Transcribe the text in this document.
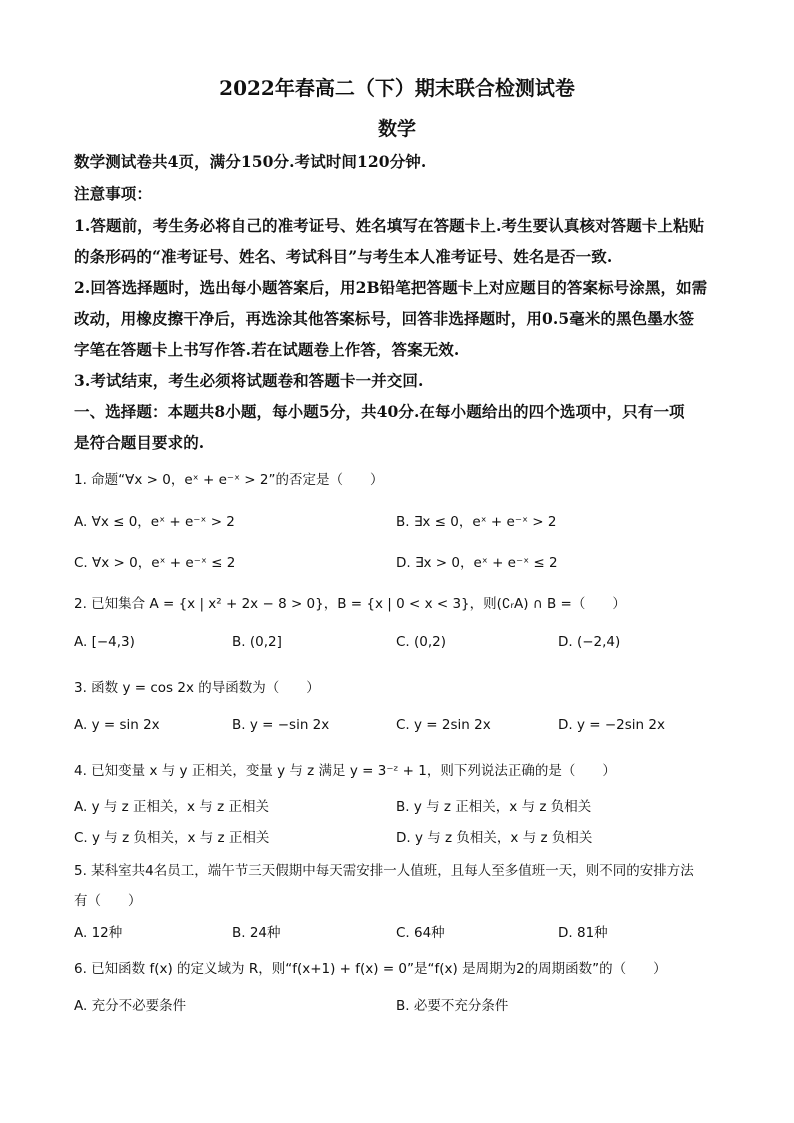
2022年春高二（下）期末联合检测试卷
数学
数学测试卷共4页，满分150分.考试时间120分钟.
注意事项：
1.答题前，考生务必将自己的准考证号、姓名填写在答题卡上.考生要认真核对答题卡上粘贴
的条形码的“准考证号、姓名、考试科目”与考生本人准考证号、姓名是否一致.
2.回答选择题时，选出每小题答案后，用2B铅笔把答题卡上对应题目的答案标号涂黑，如需
改动，用橡皮擦干净后，再选涂其他答案标号，回答非选择题时，用0.5毫米的黑色墨水签
字笔在答题卡上书写作答.若在试题卷上作答，答案无效.
3.考试结束，考生必须将试题卷和答题卡一并交回.
一、选择题：本题共8小题，每小题5分，共40分.在每小题给出的四个选项中，只有一项
是符合题目要求的.
1. 命题“∀x > 0，eˣ + e⁻ˣ > 2”的否定是（　　）
A. ∀x ≤ 0，eˣ + e⁻ˣ > 2	B. ∃x ≤ 0，eˣ + e⁻ˣ > 2
C. ∀x > 0，eˣ + e⁻ˣ ≤ 2	D. ∃x > 0，eˣ + e⁻ˣ ≤ 2
2. 已知集合 A = {x | x² + 2x − 8 > 0}，B = {x | 0 < x < 3}，则(∁ᵣA) ∩ B =（　　）
A. [−4,3)	B. (0,2]	C. (0,2)	D. (−2,4)
3. 函数 y = cos 2x 的导函数为（　　）
A. y = sin 2x	B. y = −sin 2x	C. y = 2sin 2x	D. y = −2sin 2x
4. 已知变量 x 与 y 正相关，变量 y 与 z 满足 y = 3⁻ᶻ + 1，则下列说法正确的是（　　）
A. y 与 z 正相关，x 与 z 正相关	B. y 与 z 正相关，x 与 z 负相关
C. y 与 z 负相关，x 与 z 正相关	D. y 与 z 负相关，x 与 z 负相关
5. 某科室共4名员工，端午节三天假期中每天需安排一人值班，且每人至多值班一天，则不同的安排方法
有（　　）
A. 12种	B. 24种	C. 64种	D. 81种
6. 已知函数 f(x) 的定义域为 R，则“f(x+1) + f(x) = 0”是“f(x) 是周期为2的周期函数”的（　　）
A. 充分不必要条件	B. 必要不充分条件
